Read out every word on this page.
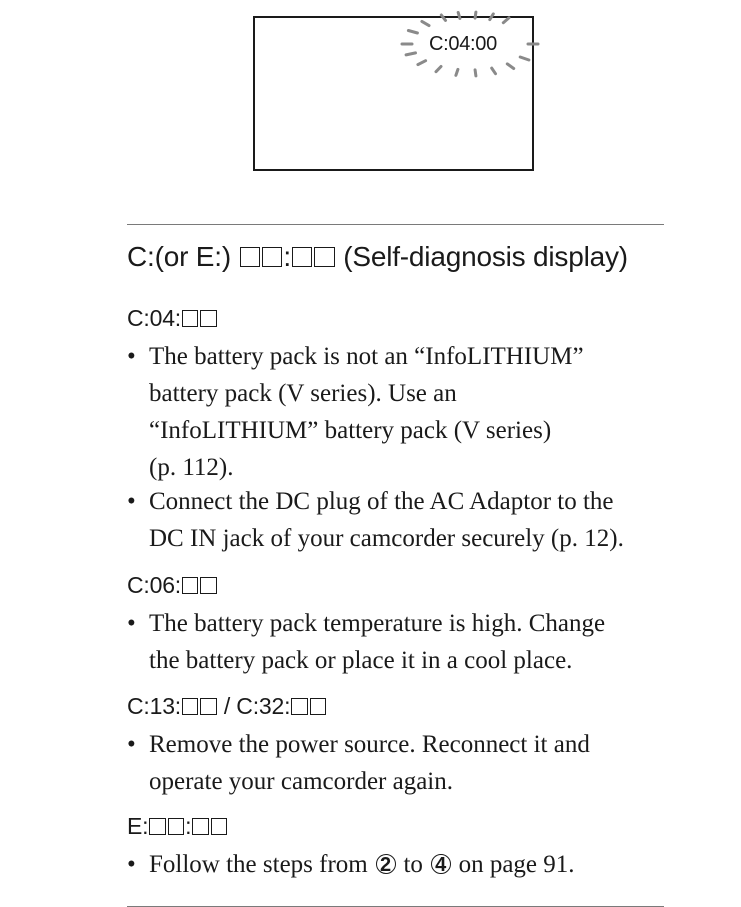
C:04:00
C:(or E:) : (Self-diagnosis display)
C:04:
• The battery pack is not an “InfoLITHIUM”
battery pack (V series). Use an
“InfoLITHIUM” battery pack (V series)
(p. 112).
• Connect the DC plug of the AC Adaptor to the
DC IN jack of your camcorder securely (p. 12).
C:06:
• The battery pack temperature is high. Change
the battery pack or place it in a cool place.
C:13: / C:32:
• Remove the power source. Reconnect it and
operate your camcorder again.
E: :
• Follow the steps from 2 to 4 on page 91.
